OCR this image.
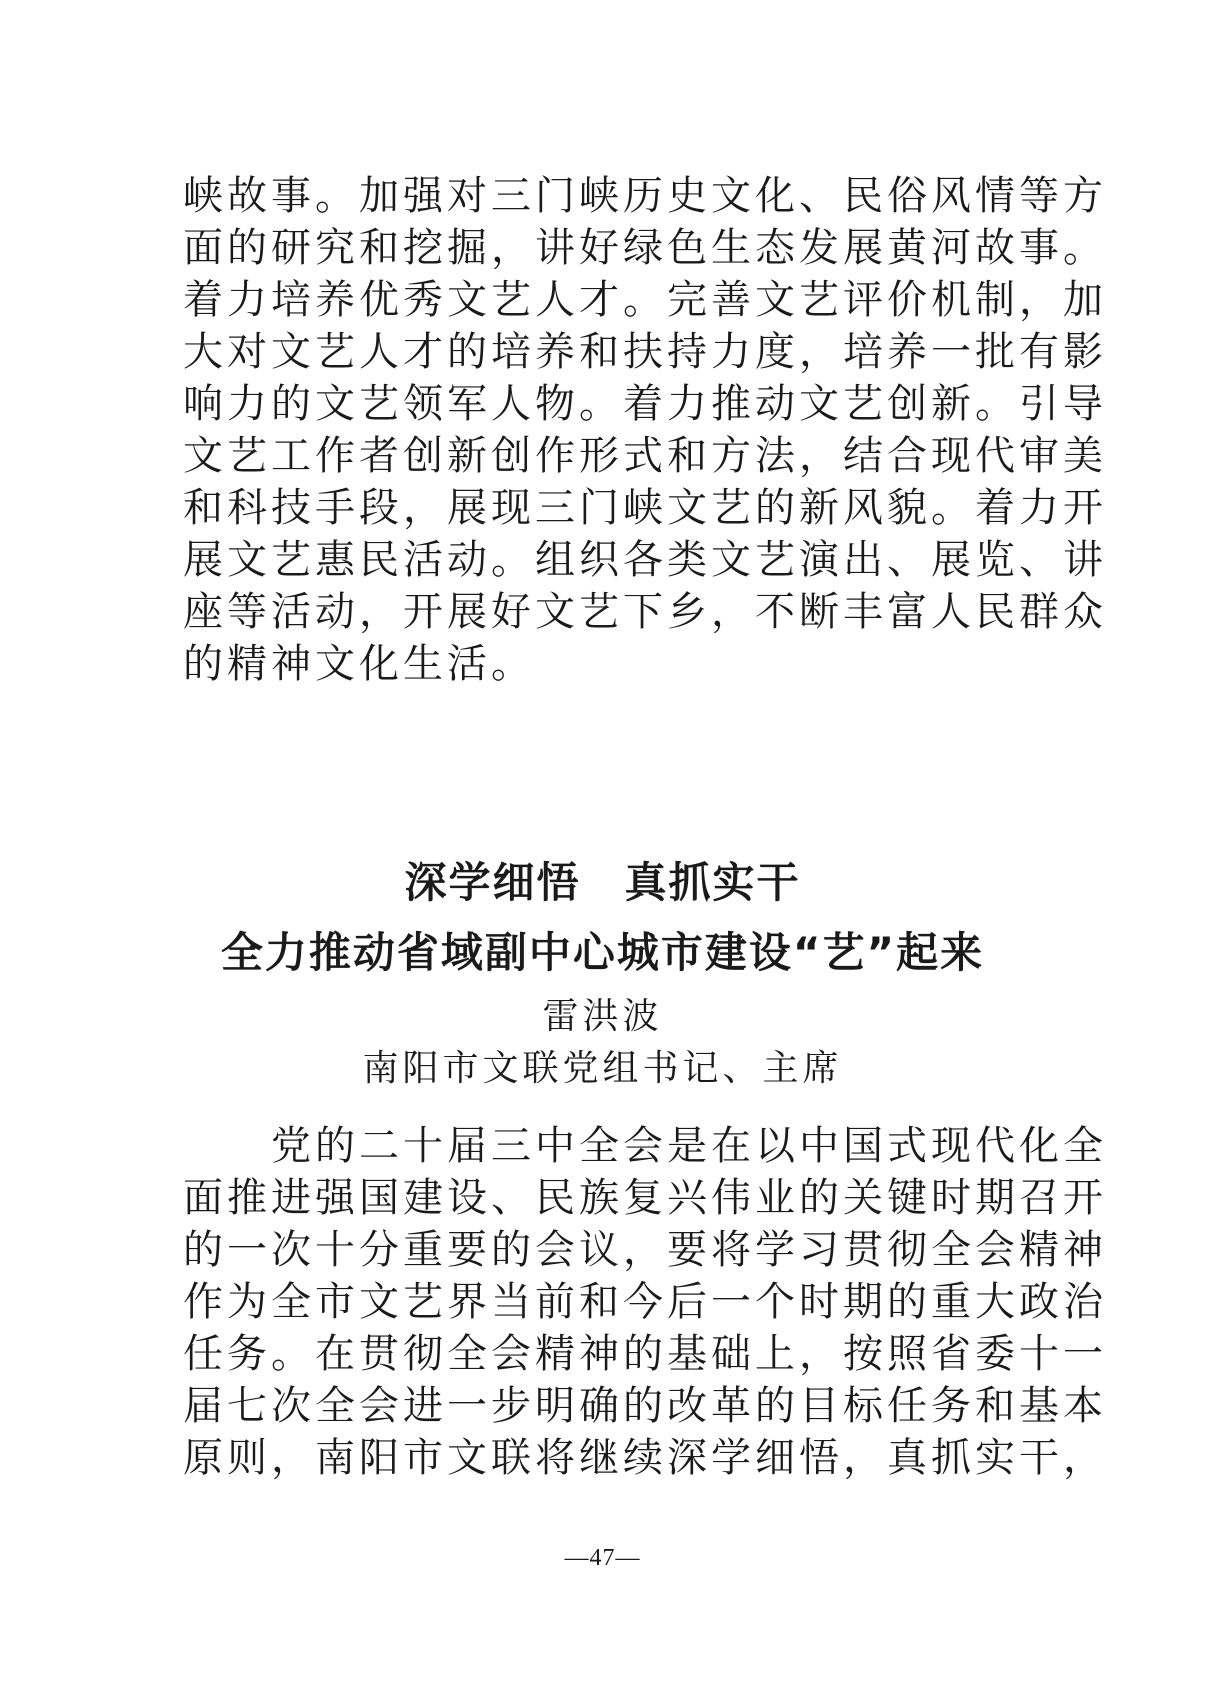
峡故事。加强对三门峡历史文化、民俗风情等方
面的研究和挖掘，讲好绿色生态发展黄河故事。
着力培养优秀文艺人才。完善文艺评价机制，加
大对文艺人才的培养和扶持力度，培养一批有影
响力的文艺领军人物。着力推动文艺创新。引导
文艺工作者创新创作形式和方法，结合现代审美
和科技手段，展现三门峡文艺的新风貌。着力开
展文艺惠民活动。组织各类文艺演出、展览、讲
座等活动，开展好文艺下乡，不断丰富人民群众
的精神文化生活。
深学细悟　真抓实干
全力推动省域副中心城市建设“艺”起来
雷洪波
南阳市文联党组书记、主席
党的二十届三中全会是在以中国式现代化全
面推进强国建设、民族复兴伟业的关键时期召开
的一次十分重要的会议，要将学习贯彻全会精神
作为全市文艺界当前和今后一个时期的重大政治
任务。在贯彻全会精神的基础上，按照省委十一
届七次全会进一步明确的改革的目标任务和基本
原则，南阳市文联将继续深学细悟，真抓实干，
—47—
